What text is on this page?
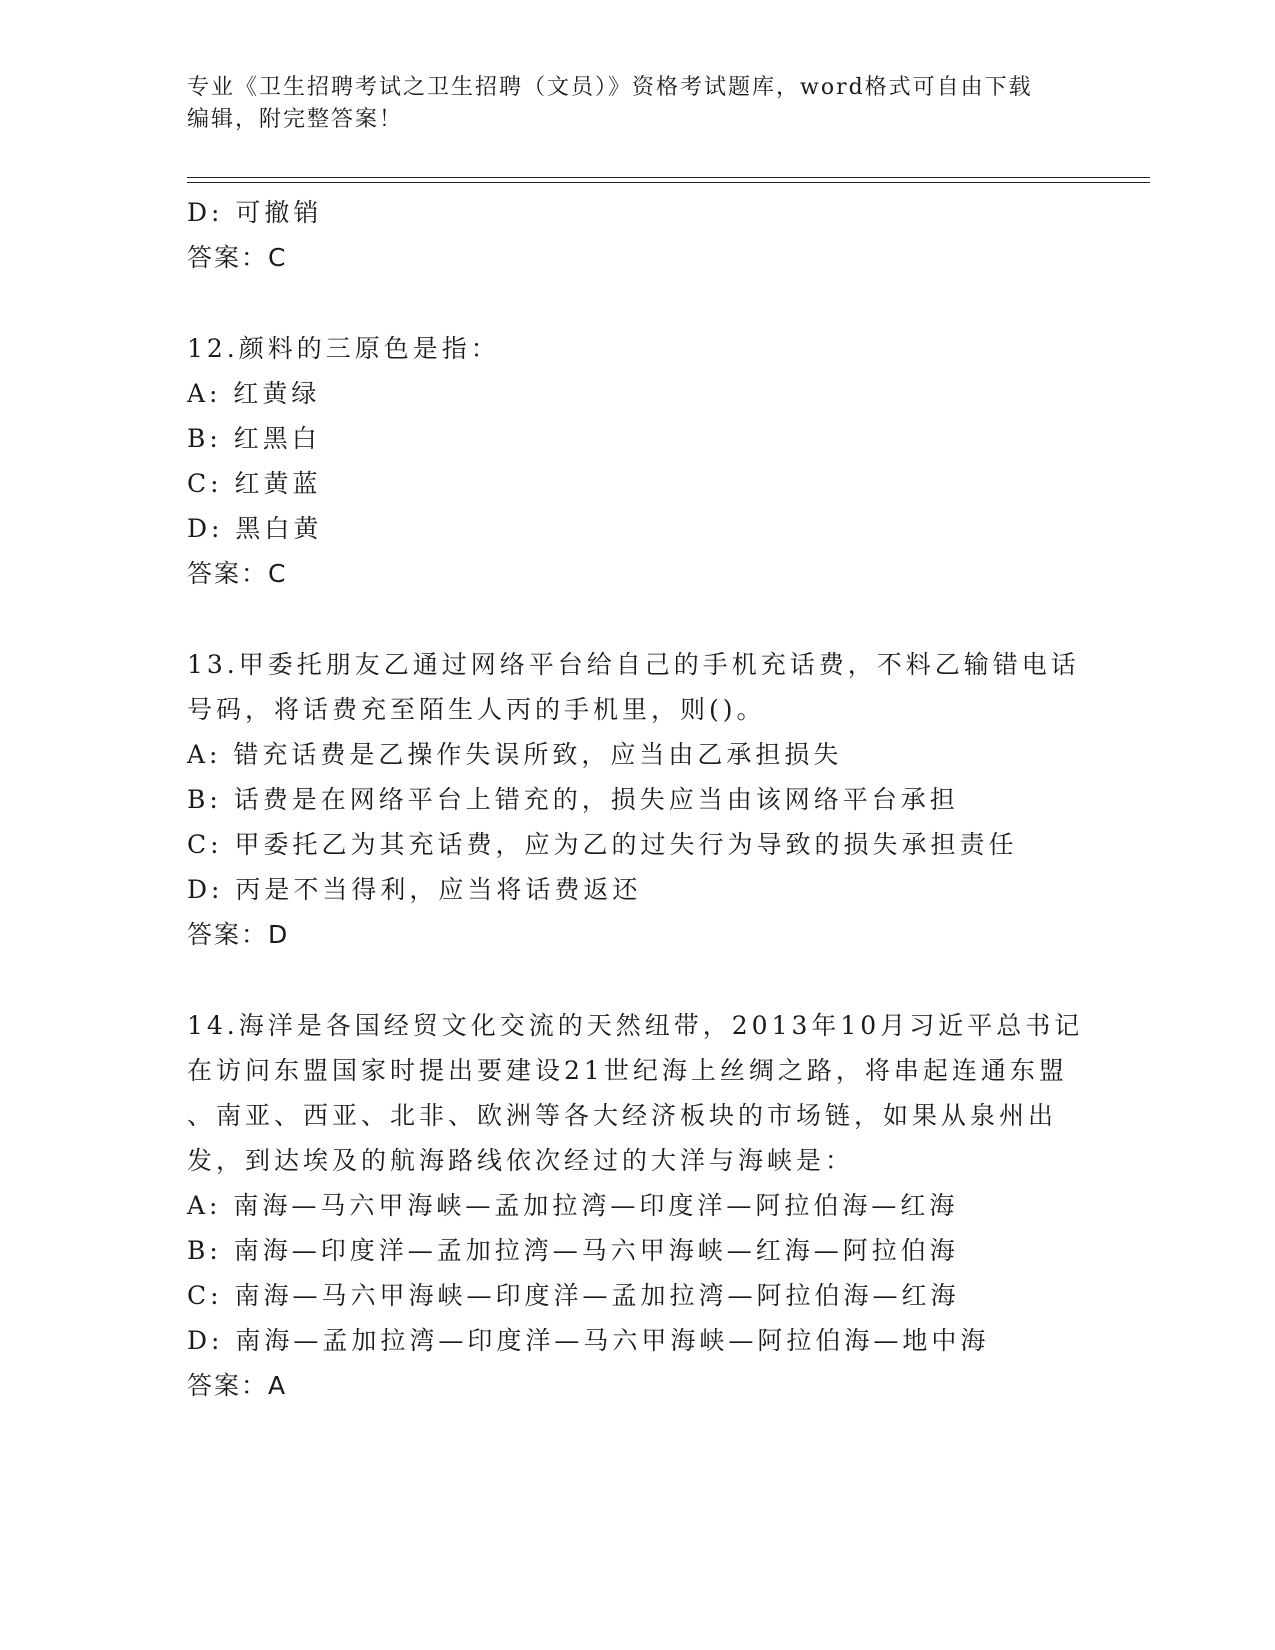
专业《卫生招聘考试之卫生招聘（文员）》资格考试题库，word格式可自由下载
编辑，附完整答案！
D: 可撤销
答案：C
12.颜料的三原色是指：
A: 红黄绿
B: 红黑白
C: 红黄蓝
D: 黑白黄
答案：C
13.甲委托朋友乙通过网络平台给自己的手机充话费，不料乙输错电话
号码，将话费充至陌生人丙的手机里，则()。
A: 错充话费是乙操作失误所致，应当由乙承担损失
B: 话费是在网络平台上错充的，损失应当由该网络平台承担
C: 甲委托乙为其充话费，应为乙的过失行为导致的损失承担责任
D: 丙是不当得利，应当将话费返还
答案：D
14.海洋是各国经贸文化交流的天然纽带，2013年10月习近平总书记
在访问东盟国家时提出要建设21世纪海上丝绸之路，将串起连通东盟
、南亚、西亚、北非、欧洲等各大经济板块的市场链，如果从泉州出
发，到达埃及的航海路线依次经过的大洋与海峡是：
A: 南海—马六甲海峡—孟加拉湾—印度洋—阿拉伯海—红海
B: 南海—印度洋—孟加拉湾—马六甲海峡—红海—阿拉伯海
C: 南海—马六甲海峡—印度洋—孟加拉湾—阿拉伯海—红海
D: 南海—孟加拉湾—印度洋—马六甲海峡—阿拉伯海—地中海
答案：A
